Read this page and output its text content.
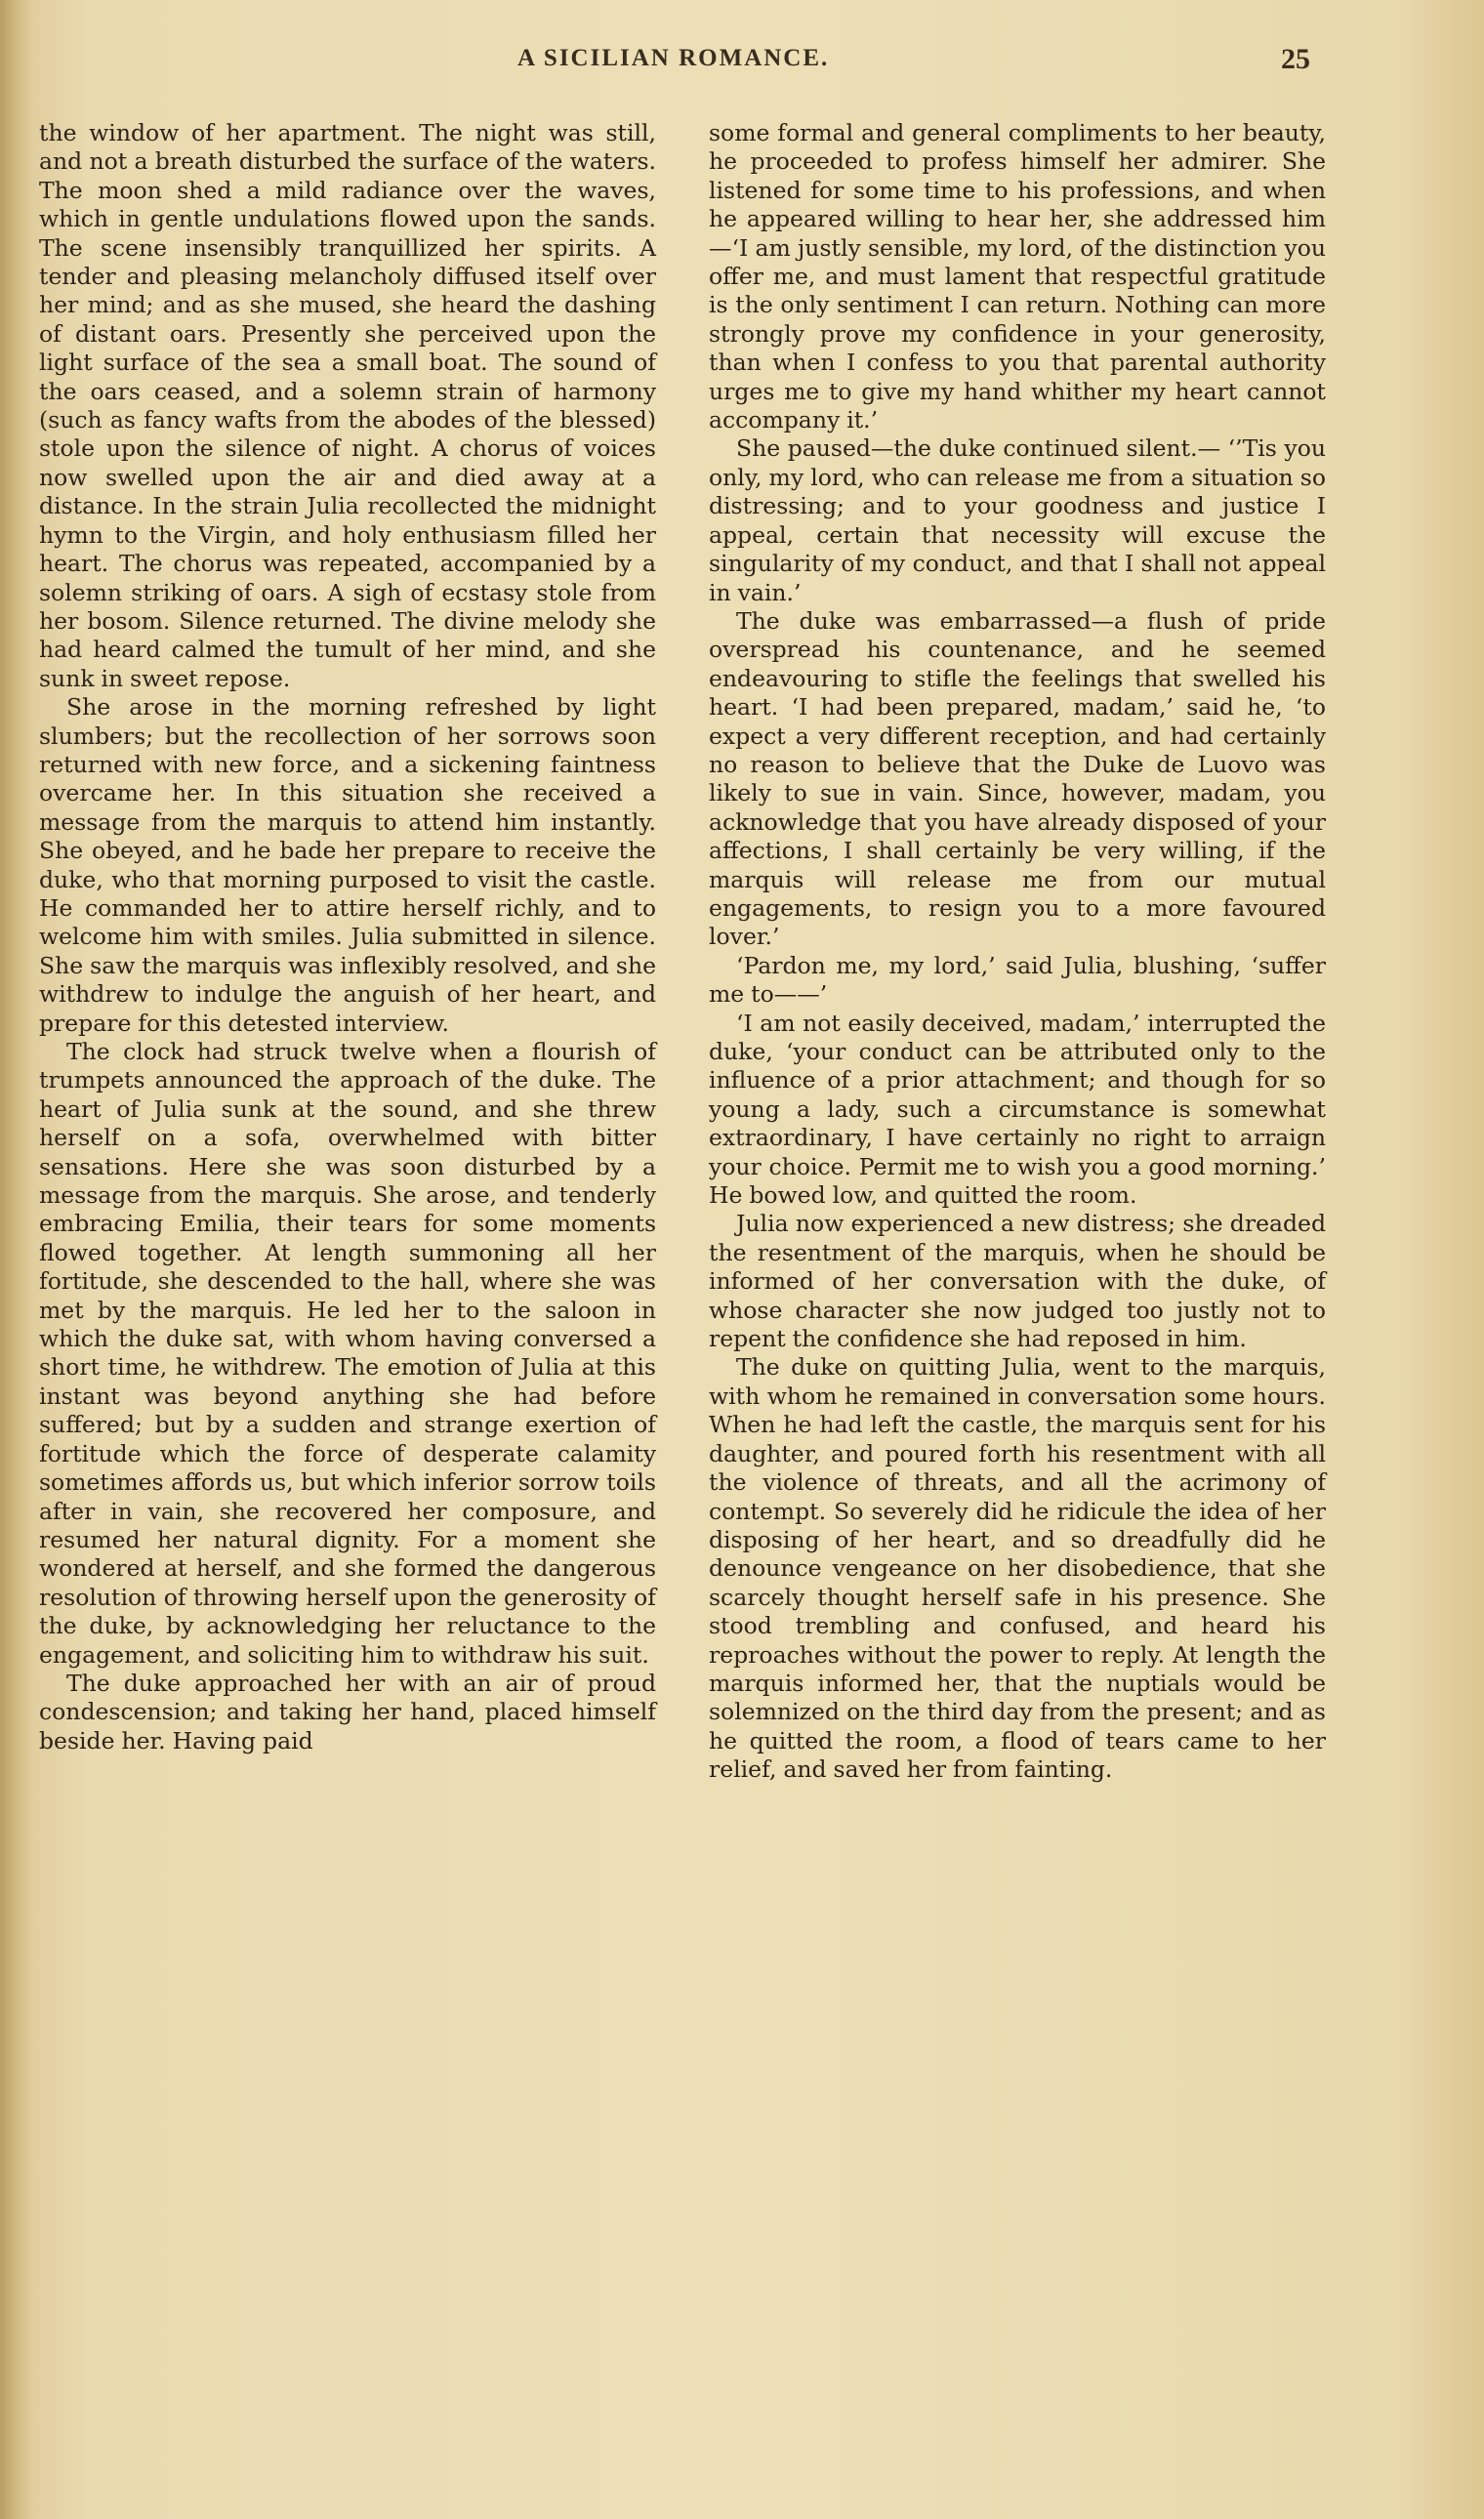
A SICILIAN ROMANCE.	25

the window of her apartment. The night was still, and not a breath disturbed the surface of the waters. The moon shed a mild radiance over the waves, which in gentle undulations flowed upon the sands. The scene insensibly tranquillized her spirits. A tender and pleasing melancholy diffused itself over her mind; and as she mused, she heard the dashing of distant oars. Presently she perceived upon the light surface of the sea a small boat. The sound of the oars ceased, and a solemn strain of harmony (such as fancy wafts from the abodes of the blessed) stole upon the silence of night. A chorus of voices now swelled upon the air and died away at a distance. In the strain Julia recollected the midnight hymn to the Virgin, and holy enthusiasm filled her heart. The chorus was repeated, accompanied by a solemn striking of oars. A sigh of ecstasy stole from her bosom. Silence returned. The divine melody she had heard calmed the tumult of her mind, and she sunk in sweet repose.

She arose in the morning refreshed by light slumbers; but the recollection of her sorrows soon returned with new force, and a sickening faintness overcame her. In this situation she received a message from the marquis to attend him instantly. She obeyed, and he bade her prepare to receive the duke, who that morning purposed to visit the castle. He commanded her to attire herself richly, and to welcome him with smiles. Julia submitted in silence. She saw the marquis was inflexibly resolved, and she withdrew to indulge the anguish of her heart, and prepare for this detested interview.

The clock had struck twelve when a flourish of trumpets announced the approach of the duke. The heart of Julia sunk at the sound, and she threw herself on a sofa, overwhelmed with bitter sensations. Here she was soon disturbed by a message from the marquis. She arose, and tenderly embracing Emilia, their tears for some moments flowed together. At length summoning all her fortitude, she descended to the hall, where she was met by the marquis. He led her to the saloon in which the duke sat, with whom having conversed a short time, he withdrew. The emotion of Julia at this instant was beyond anything she had before suffered; but by a sudden and strange exertion of fortitude which the force of desperate calamity sometimes affords us, but which inferior sorrow toils after in vain, she recovered her composure, and resumed her natural dignity. For a moment she wondered at herself, and she formed the dangerous resolution of throwing herself upon the generosity of the duke, by acknowledging her reluctance to the engagement, and soliciting him to withdraw his suit.

The duke approached her with an air of proud condescension; and taking her hand, placed himself beside her. Having paid

some formal and general compliments to her beauty, he proceeded to profess himself her admirer. She listened for some time to his professions, and when he appeared willing to hear her, she addressed him—‘I am justly sensible, my lord, of the distinction you offer me, and must lament that respectful gratitude is the only sentiment I can return. Nothing can more strongly prove my confidence in your generosity, than when I confess to you that parental authority urges me to give my hand whither my heart cannot accompany it.’

She paused—the duke continued silent.— ‘’Tis you only, my lord, who can release me from a situation so distressing; and to your goodness and justice I appeal, certain that necessity will excuse the singularity of my conduct, and that I shall not appeal in vain.’

The duke was embarrassed—a flush of pride overspread his countenance, and he seemed endeavouring to stifle the feelings that swelled his heart. ‘I had been prepared, madam,’ said he, ‘to expect a very different reception, and had certainly no reason to believe that the Duke de Luovo was likely to sue in vain. Since, however, madam, you acknowledge that you have already disposed of your affections, I shall certainly be very willing, if the marquis will release me from our mutual engagements, to resign you to a more favoured lover.’

‘Pardon me, my lord,’ said Julia, blushing, ‘suffer me to——’

‘I am not easily deceived, madam,’ interrupted the duke, ‘your conduct can be attributed only to the influence of a prior attachment; and though for so young a lady, such a circumstance is somewhat extraordinary, I have certainly no right to arraign your choice. Permit me to wish you a good morning.’ He bowed low, and quitted the room.

Julia now experienced a new distress; she dreaded the resentment of the marquis, when he should be informed of her conversation with the duke, of whose character she now judged too justly not to repent the confidence she had reposed in him.

The duke on quitting Julia, went to the marquis, with whom he remained in conversation some hours. When he had left the castle, the marquis sent for his daughter, and poured forth his resentment with all the violence of threats, and all the acrimony of contempt. So severely did he ridicule the idea of her disposing of her heart, and so dreadfully did he denounce vengeance on her disobedience, that she scarcely thought herself safe in his presence. She stood trembling and confused, and heard his reproaches without the power to reply. At length the marquis informed her, that the nuptials would be solemnized on the third day from the present; and as he quitted the room, a flood of tears came to her relief, and saved her from fainting.
